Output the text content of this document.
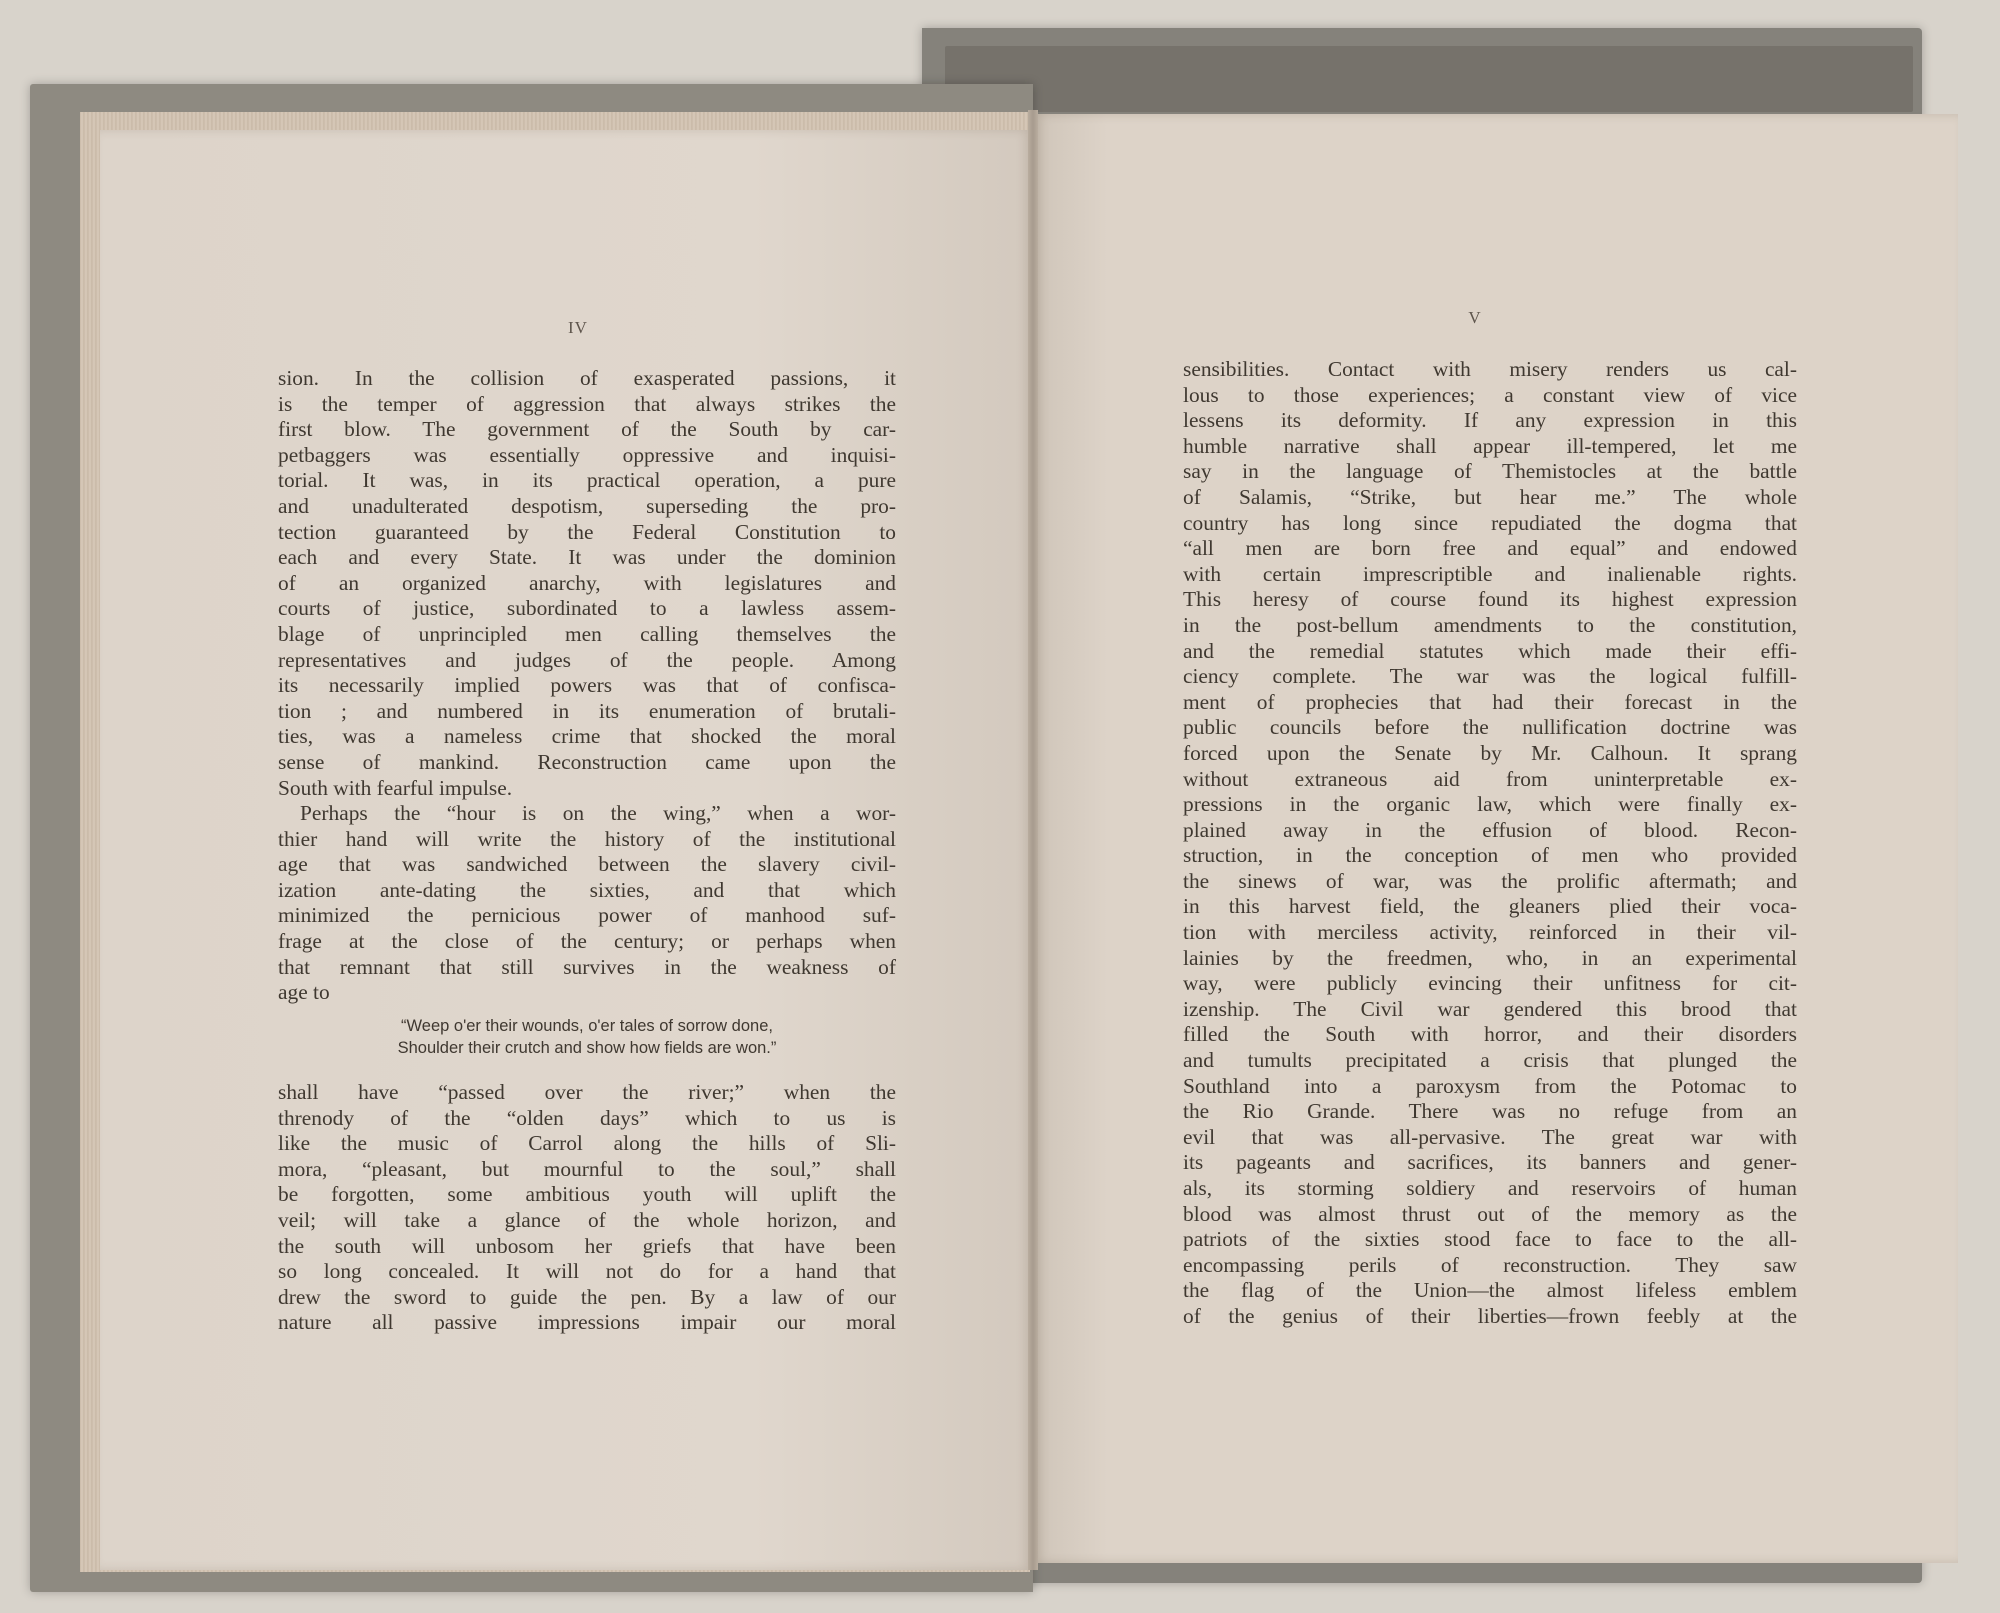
IV
V
sion. In the collision of exasperated passions, it
is the temper of aggression that always strikes the
first blow. The government of the South by car-
petbaggers was essentially oppressive and inquisi-
torial. It was, in its practical operation, a pure
and unadulterated despotism, superseding the pro-
tection guaranteed by the Federal Constitution to
each and every State. It was under the dominion
of an organized anarchy, with legislatures and
courts of justice, subordinated to a lawless assem-
blage of unprincipled men calling themselves the
representatives and judges of the people. Among
its necessarily implied powers was that of confisca-
tion ; and numbered in its enumeration of brutali-
ties, was a nameless crime that shocked the moral
sense of mankind. Reconstruction came upon the
South with fearful impulse.
Perhaps the “hour is on the wing,” when a wor-
thier hand will write the history of the institutional
age that was sandwiched between the slavery civil-
ization ante-dating the sixties, and that which
minimized the pernicious power of manhood suf-
frage at the close of the century; or perhaps when
that remnant that still survives in the weakness of
age to
“Weep o'er their wounds, o'er tales of sorrow done,
Shoulder their crutch and show how fields are won.”
shall have “passed over the river;” when the
threnody of the “olden days” which to us is
like the music of Carrol along the hills of Sli-
mora, “pleasant, but mournful to the soul,” shall
be forgotten, some ambitious youth will uplift the
veil; will take a glance of the whole horizon, and
the south will unbosom her griefs that have been
so long concealed. It will not do for a hand that
drew the sword to guide the pen. By a law of our
nature all passive impressions impair our moral
sensibilities. Contact with misery renders us cal-
lous to those experiences; a constant view of vice
lessens its deformity. If any expression in this
humble narrative shall appear ill-tempered, let me
say in the language of Themistocles at the battle
of Salamis, “Strike, but hear me.” The whole
country has long since repudiated the dogma that
“all men are born free and equal” and endowed
with certain imprescriptible and inalienable rights.
This heresy of course found its highest expression
in the post-bellum amendments to the constitution,
and the remedial statutes which made their effi-
ciency complete. The war was the logical fulfill-
ment of prophecies that had their forecast in the
public councils before the nullification doctrine was
forced upon the Senate by Mr. Calhoun. It sprang
without extraneous aid from uninterpretable ex-
pressions in the organic law, which were finally ex-
plained away in the effusion of blood. Recon-
struction, in the conception of men who provided
the sinews of war, was the prolific aftermath; and
in this harvest field, the gleaners plied their voca-
tion with merciless activity, reinforced in their vil-
lainies by the freedmen, who, in an experimental
way, were publicly evincing their unfitness for cit-
izenship. The Civil war gendered this brood that
filled the South with horror, and their disorders
and tumults precipitated a crisis that plunged the
Southland into a paroxysm from the Potomac to
the Rio Grande. There was no refuge from an
evil that was all-pervasive. The great war with
its pageants and sacrifices, its banners and gener-
als, its storming soldiery and reservoirs of human
blood was almost thrust out of the memory as the
patriots of the sixties stood face to face to the all-
encompassing perils of reconstruction. They saw
the flag of the Union—the almost lifeless emblem
of the genius of their liberties—frown feebly at the
